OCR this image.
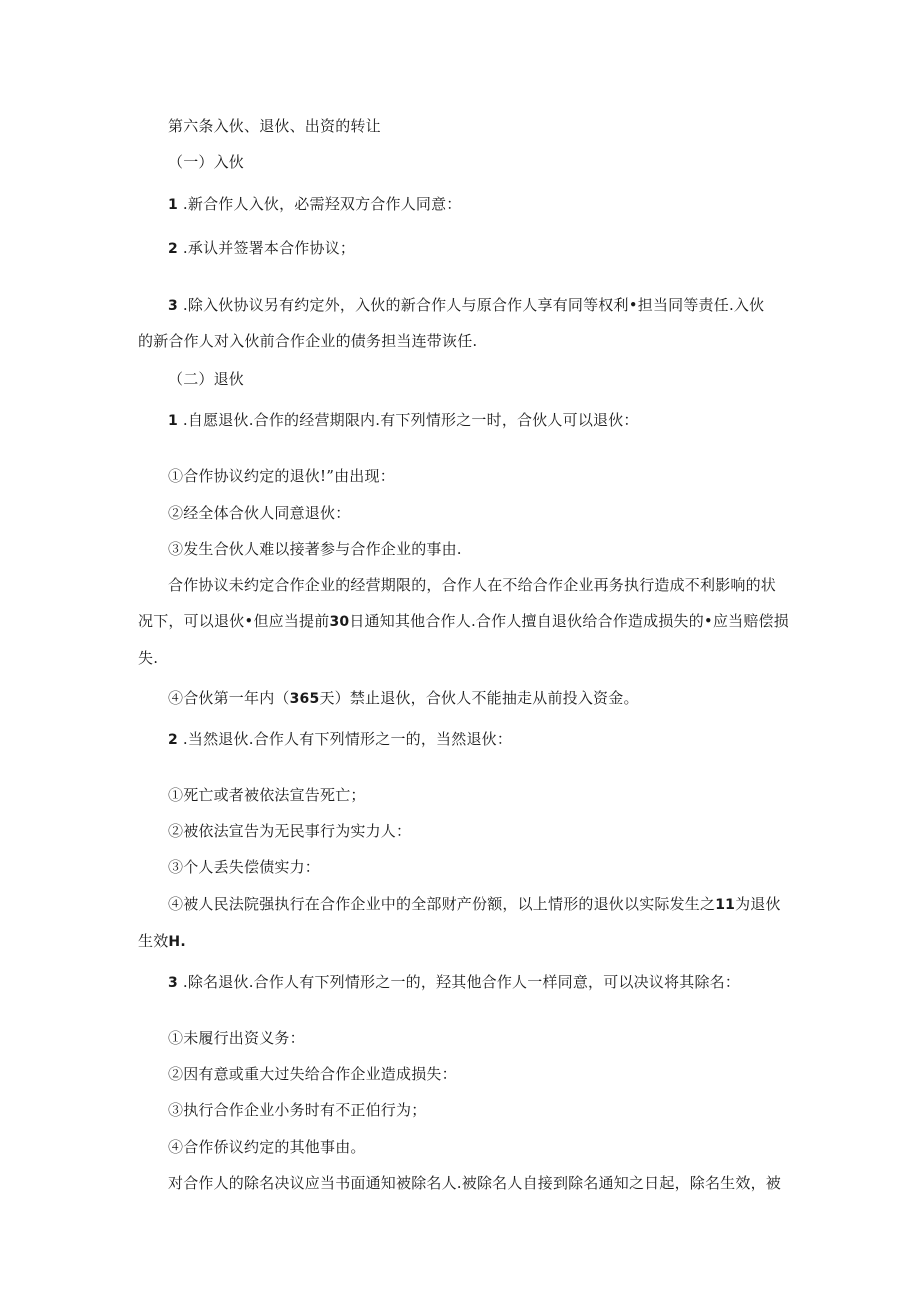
第六条入伙、退伙、出资的转让
（一）入伙
1 .新合作人入伙，必需羟双方合作人同意：
2 .承认并签署本合作协议；
3 .除入伙协议另有约定外，入伙的新合作人与原合作人享有同等权利•担当同等责任.入伙
的新合作人对入伙前合作企业的债务担当连带诙任.
（二）退伙
1 .自愿退伙.合作的经营期限内.有下列情形之一时，合伙人可以退伙：
①合作协议约定的退伙!”由出现：
②经全体合伙人同意退伙：
③发生合伙人难以接著参与合作企业的事由.
合作协议未约定合作企业的经营期限的，合作人在不给合作企业再务执行造成不利影响的状
况下，可以退伙•但应当提前30日通知其他合作人.合作人擅自退伙给合作造成损失的•应当赔偿损
失.
④合伙第一年内（365天）禁止退伙，合伙人不能抽走从前投入资金。
2 .当然退伙.合作人有下列情形之一的，当然退伙：
①死亡或者被依法宣告死亡；
②被依法宣告为无民事行为实力人：
③个人丢失偿债实力：
④被人民法院强执行在合作企业中的全部财产份额，以上情形的退伙以实际发生之11为退伙
生效H.
3 .除名退伙.合作人有下列情形之一的，羟其他合作人一样同意，可以决议将其除名：
①未履行出资义务：
②因有意或重大过失给合作企业造成损失：
③执行合作企业小务时有不正伯行为；
④合作侨议约定的其他事由。
对合作人的除名决议应当书面通知被除名人.被除名人自接到除名通知之日起，除名生效，被
